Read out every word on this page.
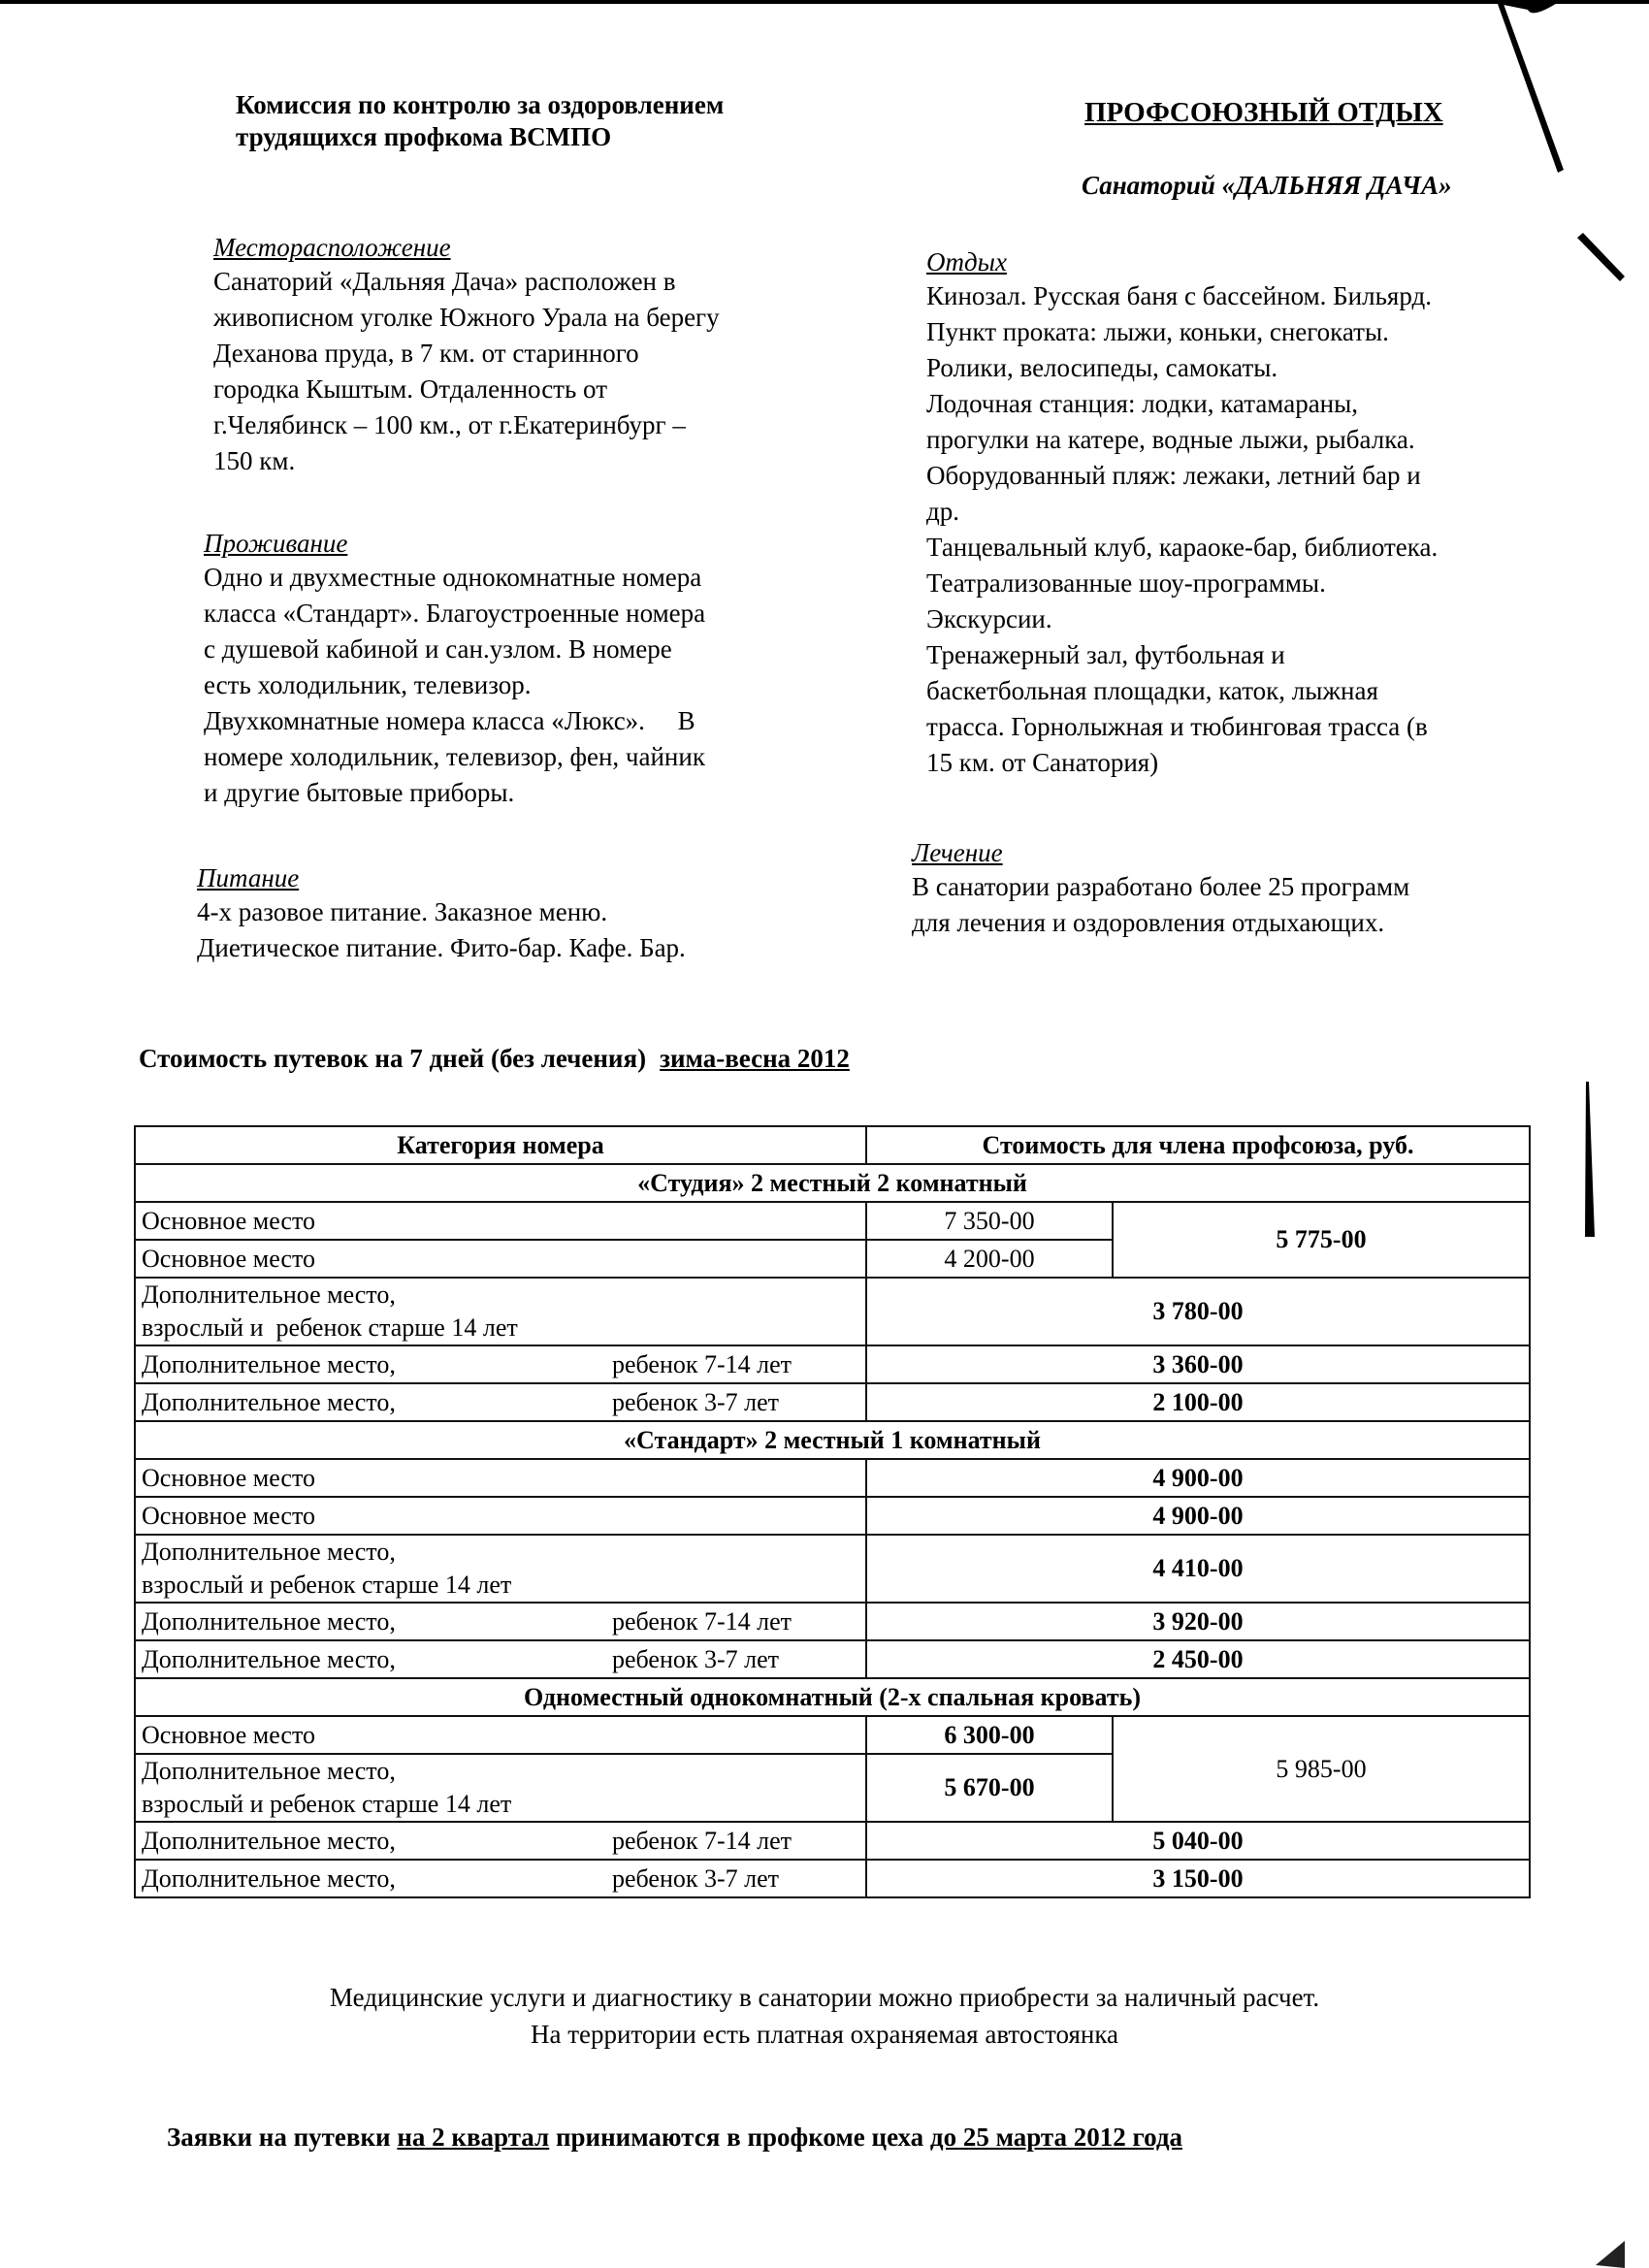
Комиссия по контролю за оздоровлением
трудящихся профкома ВСМПО
ПРОФСОЮЗНЫЙ ОТДЫХ
Санаторий «ДАЛЬНЯЯ ДАЧА»
Месторасположение

Санаторий «Дальняя Дача» расположен в

живописном уголке Южного Урала на берегу

Деханова пруда, в 7 км. от старинного

городка Кыштым. Отдаленность от

г.Челябинск – 100 км., от г.Екатеринбург –

150 км.

Проживание

Одно и двухместные однокомнатные номера

класса «Стандарт». Благоустроенные номера

с душевой кабиной и сан.узлом. В номере

есть холодильник, телевизор.

Двухкомнатные номера класса «Люкс».     В

номере холодильник, телевизор, фен, чайник

и другие бытовые приборы.

Питание

4-х разовое питание. Заказное меню.

Диетическое питание. Фито-бар. Кафе. Бар.

Отдых

Кинозал. Русская баня с бассейном. Бильярд.

Пункт проката: лыжи, коньки, снегокаты.

Ролики, велосипеды, самокаты.

Лодочная станция: лодки, катамараны,

прогулки на катере, водные лыжи, рыбалка.

Оборудованный пляж: лежаки, летний бар и

др.

Танцевальный клуб, караоке-бар, библиотека.

Театрализованные шоу-программы.

Экскурсии.

Тренажерный зал, футбольная и

баскетбольная площадки, каток, лыжная

трасса. Горнолыжная и тюбинговая трасса (в

15 км. от Санатория)

Лечение

В санатории разработано более 25 программ

для лечения и оздоровления отдыхающих.

Стоимость путевок на 7 дней (без лечения) зима-весна 2012
Категория номера	Стоимость для члена профсоюза, руб.	
«Студия» 2 местный 2 комнатный		
Основное место	7 350-00	5 775-00
Основное место	4 200-00	

Дополнительное место,
взрослый и  ребенок старше 14 лет	3 780-00	
Дополнительное место, ребенок 7-14 лет	3 360-00	
Дополнительное место, ребенок 3-7 лет	2 100-00	
«Стандарт» 2 местный 1 комнатный		
Основное место	4 900-00	
Основное место	4 900-00	

Дополнительное место,
взрослый и ребенок старше 14 лет	4 410-00	
Дополнительное место, ребенок 7-14 лет	3 920-00	
Дополнительное место, ребенок 3-7 лет	2 450-00	
Одноместный однокомнатный (2-х спальная кровать)		
Основное место	6 300-00	5 985-00

Дополнительное место,
взрослый и ребенок старше 14 лет	5 670-00	
Дополнительное место, ребенок 7-14 лет	5 040-00	
Дополнительное место, ребенок 3-7 лет	3 150-00	
Медицинские услуги и диагностику в санатории можно приобрести за наличный расчет.
На территории есть платная охраняемая автостоянка
Заявки на путевки на 2 квартал принимаются в профкоме цеха до 25 марта 2012 года
